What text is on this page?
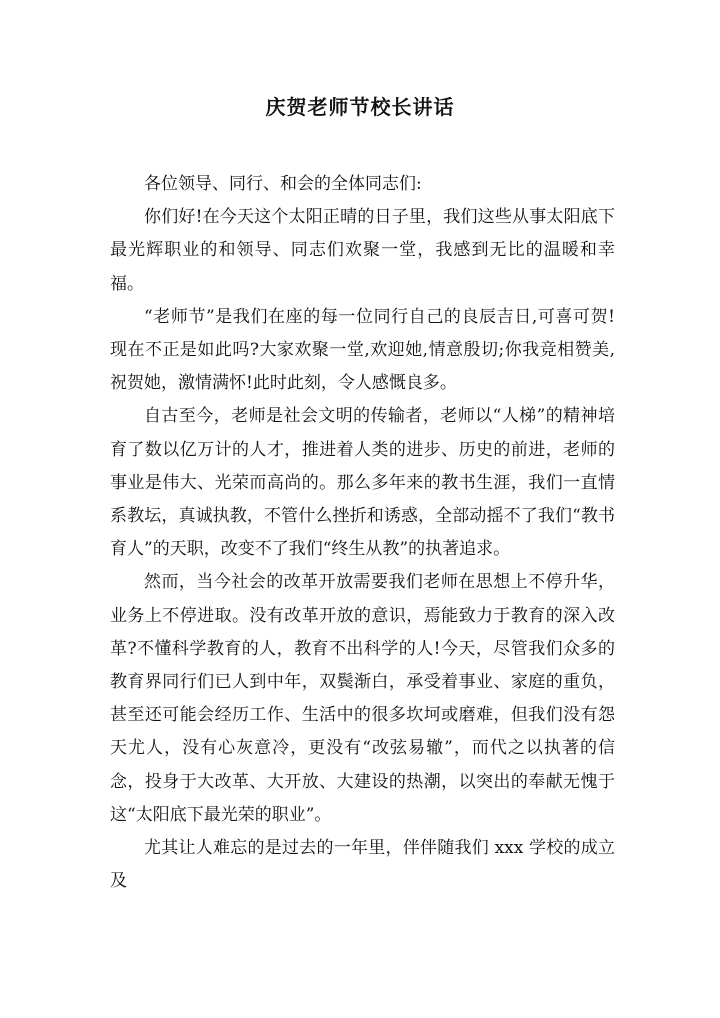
庆贺老师节校长讲话

各位领导、同行、和会的全体同志们:

你们好!在今天这个太阳正晴的日子里，我们这些从事太阳底下最光辉职业的和领导、同志们欢聚一堂，我感到无比的温暖和幸福。

“老师节”是我们在座的每一位同行自己的良辰吉日,可喜可贺!现在不正是如此吗?大家欢聚一堂,欢迎她,情意殷切;你我竞相赞美,祝贺她，激情满怀!此时此刻，令人感慨良多。

自古至今，老师是社会文明的传输者，老师以“人梯”的精神培育了数以亿万计的人才，推进着人类的进步、历史的前进，老师的事业是伟大、光荣而高尚的。那么多年来的教书生涯，我们一直情系教坛，真诚执教，不管什么挫折和诱惑，全部动摇不了我们“教书育人”的天职，改变不了我们“终生从教”的执著追求。

然而，当今社会的改革开放需要我们老师在思想上不停升华，业务上不停进取。没有改革开放的意识，焉能致力于教育的深入改革?不懂科学教育的人，教育不出科学的人!今天，尽管我们众多的教育界同行们已人到中年，双鬓渐白，承受着事业、家庭的重负，甚至还可能会经历工作、生活中的很多坎坷或磨难，但我们没有怨天尤人，没有心灰意冷，更没有“改弦易辙”，而代之以执著的信念，投身于大改革、大开放、大建设的热潮，以突出的奉献无愧于这“太阳底下最光荣的职业”。

尤其让人难忘的是过去的一年里，伴伴随我们 xxx 学校的成立及
